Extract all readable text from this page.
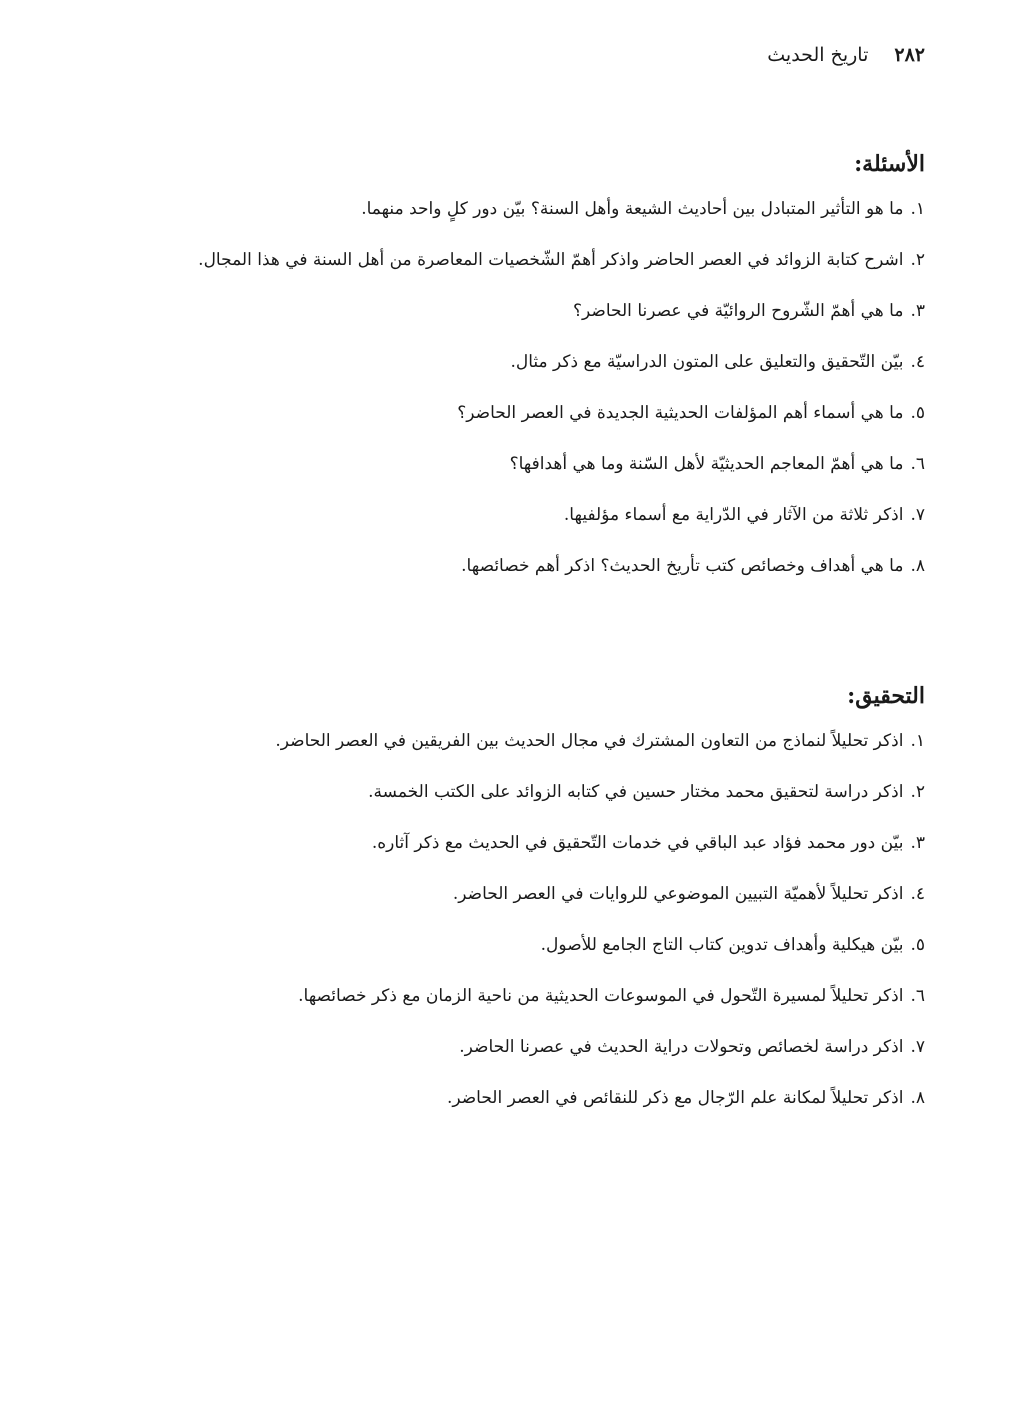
٢٨٢
تاريخ الحديث
الأسئلة:
١.ما هو التأثير المتبادل بين أحاديث الشيعة وأهل السنة؟ بيّن دور كلٍ واحد منهما.
٢.اشرح كتابة الزوائد في العصر الحاضر واذكر أهمّ الشّخصيات المعاصرة من أهل السنة في هذا المجال.
٣.ما هي أهمّ الشّروح الروائيّة في عصرنا الحاضر؟
٤.بيّن التّحقيق والتعليق على المتون الدراسيّة مع ذكر مثال.
٥.ما هي أسماء أهم المؤلفات الحديثية الجديدة في العصر الحاضر؟
٦.ما هي أهمّ المعاجم الحديثيّة لأهل السّنة وما هي أهدافها؟
٧.اذكر ثلاثة من الآثار في الدّراية مع أسماء مؤلفيها.
٨.ما هي أهداف وخصائص كتب تأريخ الحديث؟ اذكر أهم خصائصها.
التحقيق:
١.اذكر تحليلاً لنماذج من التعاون المشترك في مجال الحديث بين الفريقين في العصر الحاضر.
٢.اذكر دراسة لتحقيق محمد مختار حسين في كتابه الزوائد على الكتب الخمسة.
٣.بيّن دور محمد فؤاد عبد الباقي في خدمات التّحقيق في الحديث مع ذكر آثاره.
٤.اذكر تحليلاً لأهميّة التبيين الموضوعي للروايات في العصر الحاضر.
٥.بيّن هيكلية وأهداف تدوين كتاب التاج الجامع للأصول.
٦.اذكر تحليلاً لمسيرة التّحول في الموسوعات الحديثية من ناحية الزمان مع ذكر خصائصها.
٧.اذكر دراسة لخصائص وتحولات دراية الحديث في عصرنا الحاضر.
٨.اذكر تحليلاً لمكانة علم الرّجال مع ذكر للنقائص في العصر الحاضر.
